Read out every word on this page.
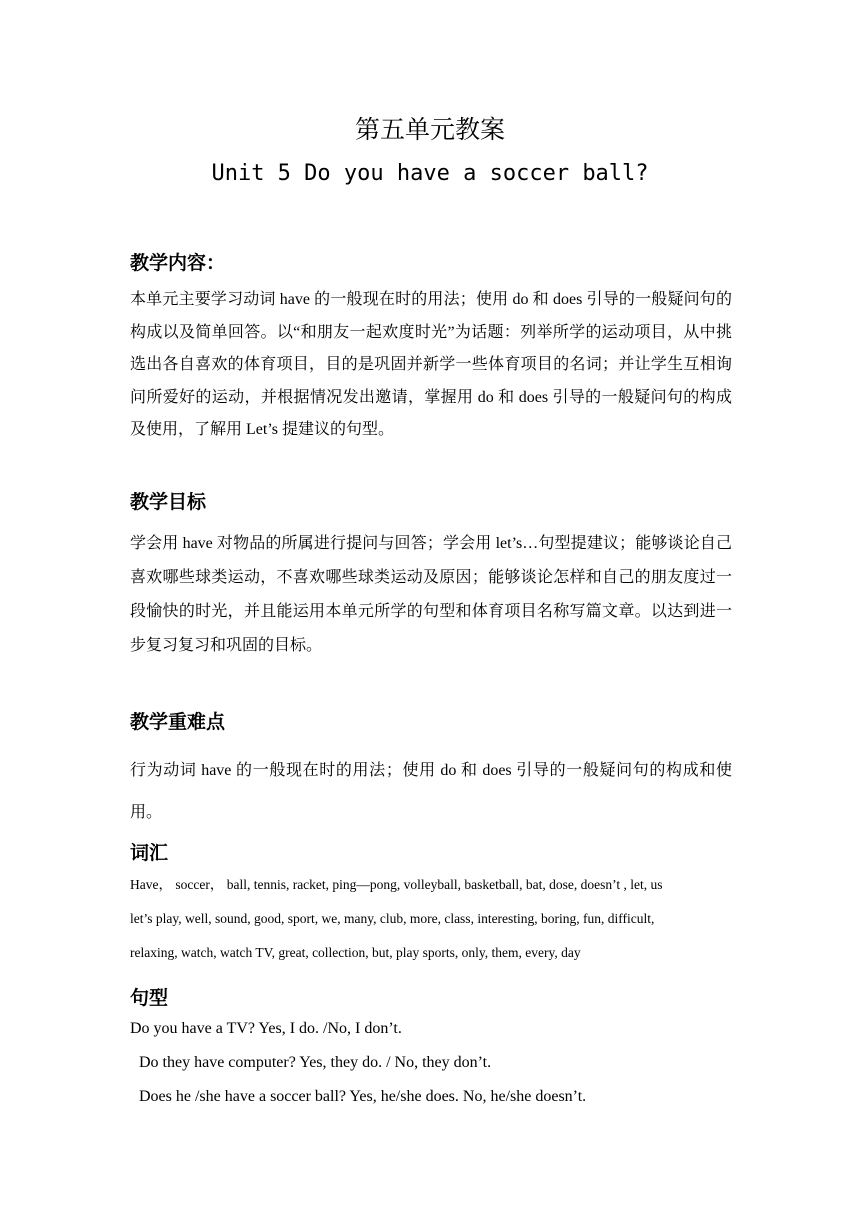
第五单元教案
Unit 5 Do you have a soccer ball?
教学内容：
本单元主要学习动词 have 的一般现在时的用法；使用 do 和 does 引导的一般疑问句的构成以及简单回答。以“和朋友一起欢度时光”为话题：列举所学的运动项目，从中挑选出各自喜欢的体育项目，目的是巩固并新学一些体育项目的名词；并让学生互相询问所爱好的运动，并根据情况发出邀请，掌握用 do 和 does 引导的一般疑问句的构成及使用，了解用 Let’s 提建议的句型。
教学目标
学会用 have 对物品的所属进行提问与回答；学会用 let’s…句型提建议；能够谈论自己喜欢哪些球类运动，不喜欢哪些球类运动及原因；能够谈论怎样和自己的朋友度过一段愉快的时光，并且能运用本单元所学的句型和体育项目名称写篇文章。以达到进一步复习复习和巩固的目标。
教学重难点
行为动词 have 的一般现在时的用法；使用 do 和 does 引导的一般疑问句的构成和使用。
词汇
Have， soccer， ball, tennis, racket, ping—pong, volleyball, basketball, bat, dose, doesn’t , let, us
let’s play, well, sound, good, sport, we, many, club, more, class, interesting, boring, fun, difficult,
relaxing, watch, watch TV, great, collection, but, play sports, only, them, every, day
句型
Do you have a TV? Yes, I do. /No, I don’t.
Do they have computer? Yes, they do. / No, they don’t.
Does he /she have a soccer ball? Yes, he/she does. No, he/she doesn’t.
